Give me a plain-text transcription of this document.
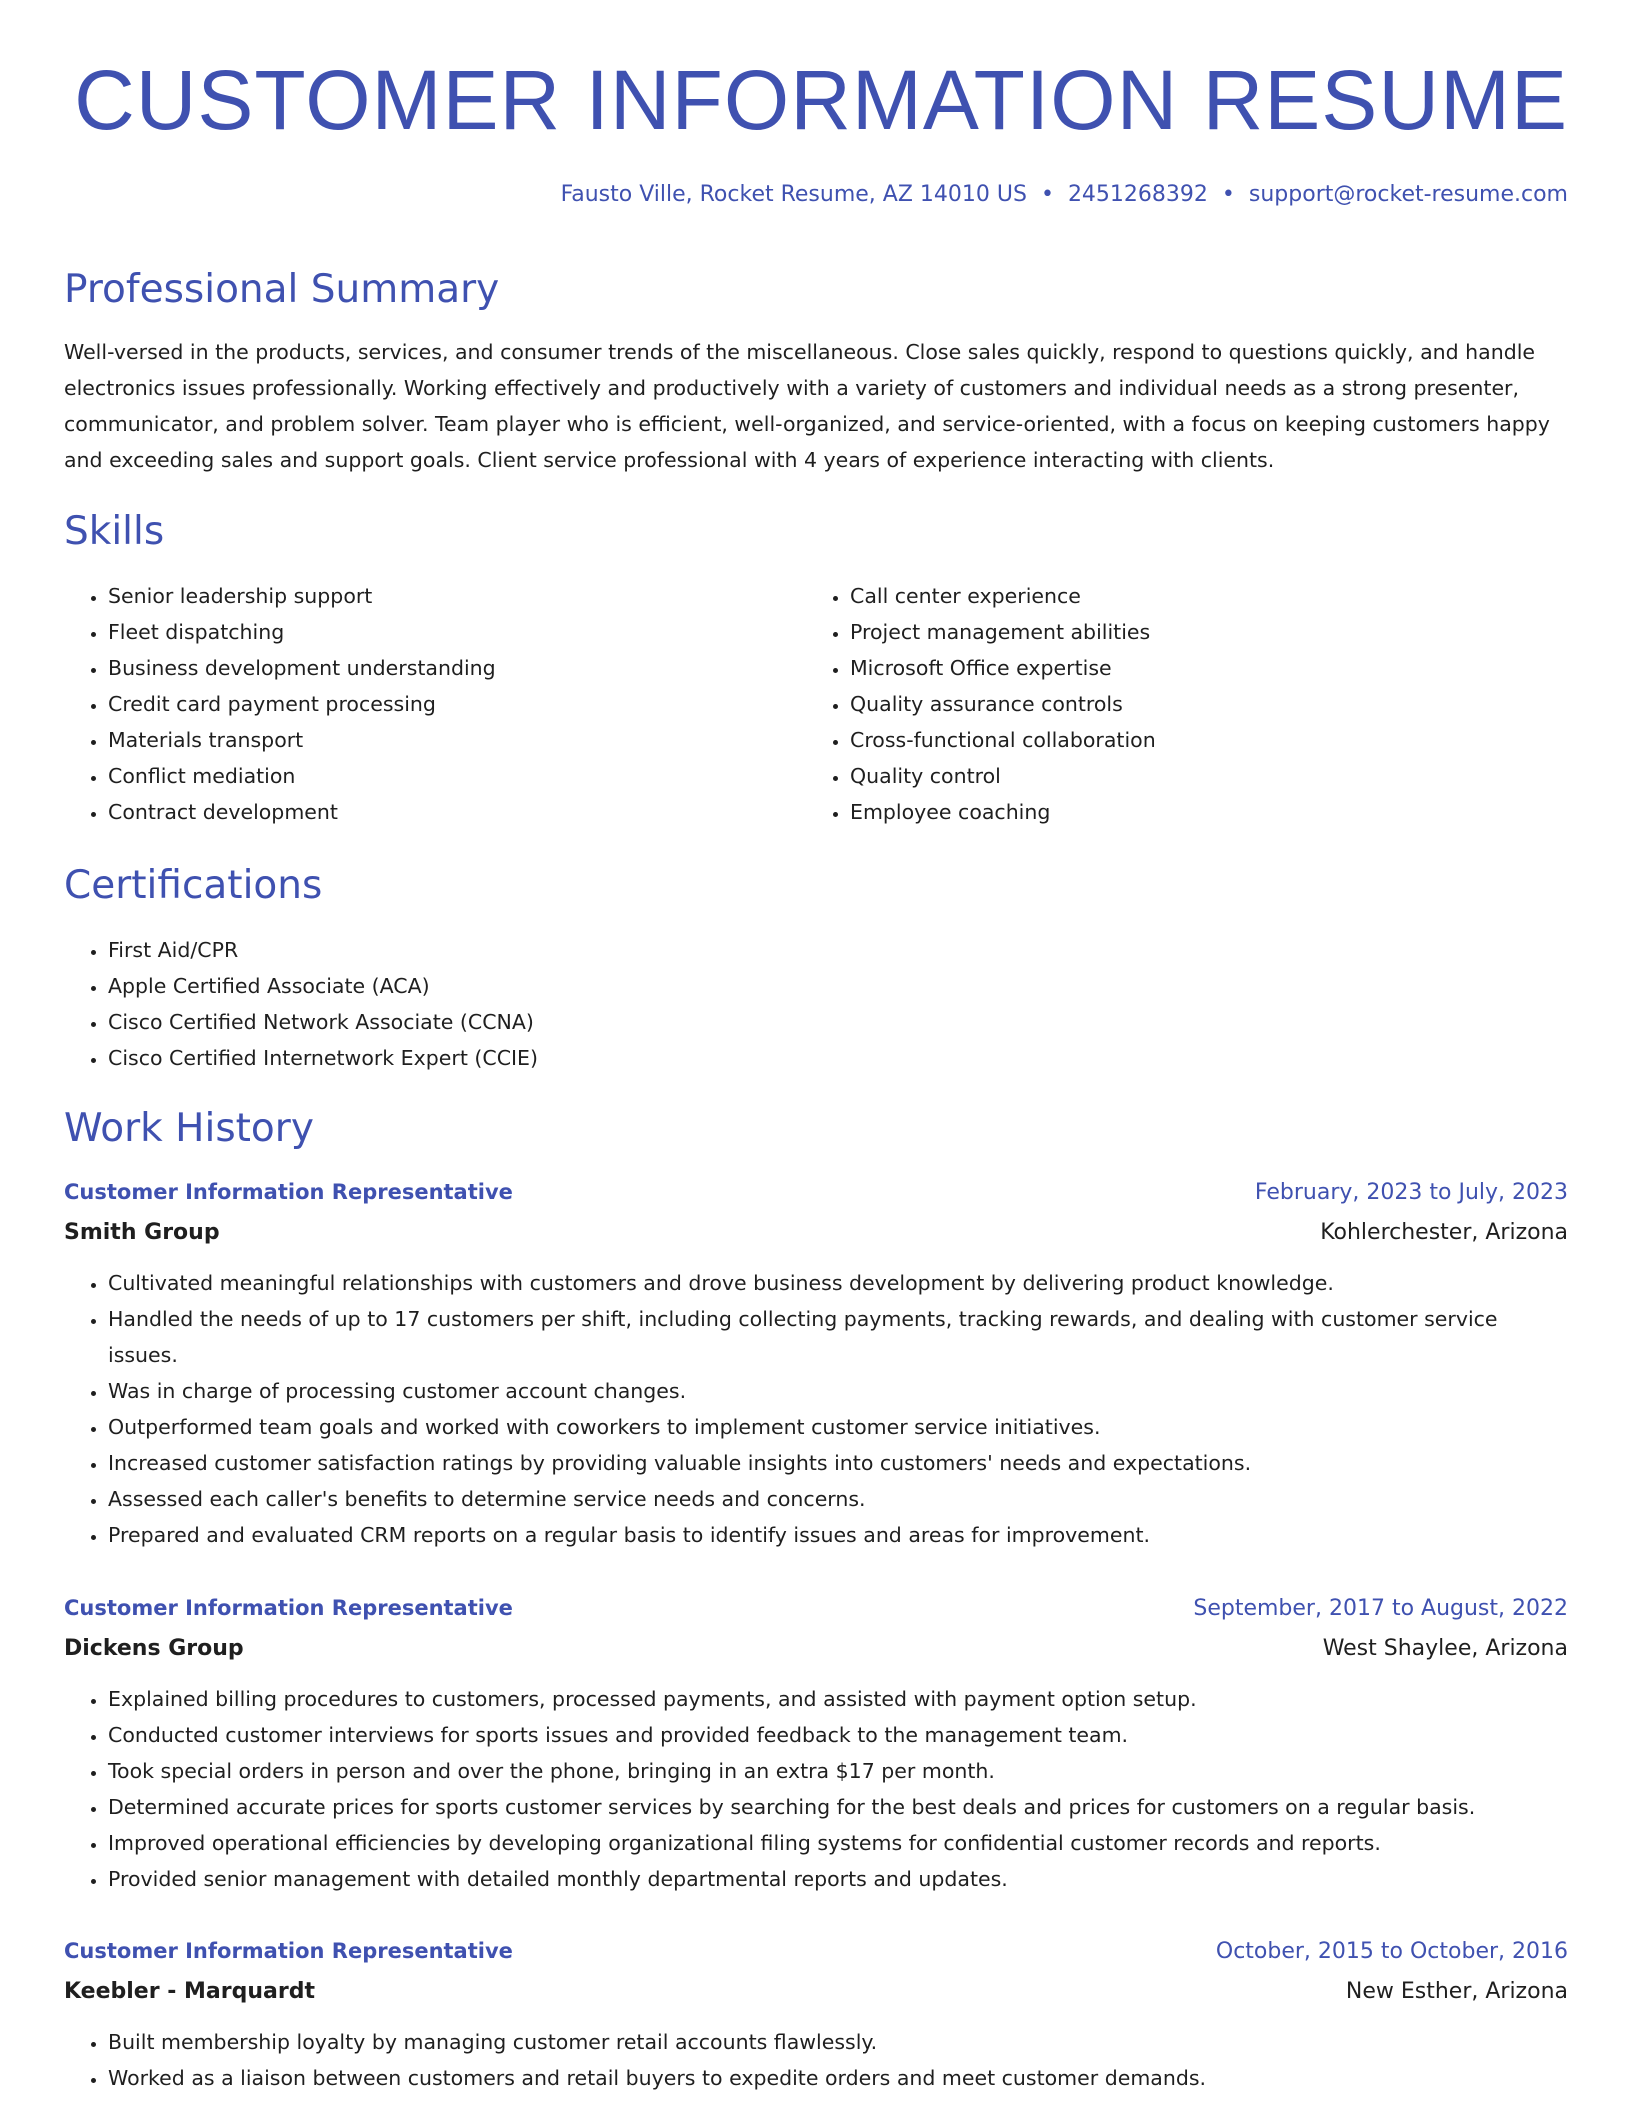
CUSTOMER INFORMATION RESUME
Fausto Ville, Rocket Resume, AZ 14010 US • 2451268392 • support@rocket-resume.com
Professional Summary

Well-versed in the products, services, and consumer trends of the miscellaneous. Close sales quickly, respond to questions quickly, and handle electronics issues professionally. Working effectively and productively with a variety of customers and individual needs as a strong presenter, communicator, and problem solver. Team player who is efficient, well-organized, and service-oriented, with a focus on keeping customers happy and exceeding sales and support goals. Client service professional with 4 years of experience interacting with clients.

Skills
• Senior leadership support
• Fleet dispatching
• Business development understanding
• Credit card payment processing
• Materials transport
• Conflict mediation
• Contract development
• Call center experience
• Project management abilities
• Microsoft Office expertise
• Quality assurance controls
• Cross-functional collaboration
• Quality control
• Employee coaching
Certifications
• First Aid/CPR
• Apple Certified Associate (ACA)
• Cisco Certified Network Associate (CCNA)
• Cisco Certified Internetwork Expert (CCIE)
Work History
Customer Information Representative	February, 2023 to July, 2023
Smith Group	Kohlerchester, Arizona
• Cultivated meaningful relationships with customers and drove business development by delivering product knowledge.
• Handled the needs of up to 17 customers per shift, including collecting payments, tracking rewards, and dealing with customer service issues.
• Was in charge of processing customer account changes.
• Outperformed team goals and worked with coworkers to implement customer service initiatives.
• Increased customer satisfaction ratings by providing valuable insights into customers' needs and expectations.
• Assessed each caller's benefits to determine service needs and concerns.
• Prepared and evaluated CRM reports on a regular basis to identify issues and areas for improvement.
Customer Information Representative	September, 2017 to August, 2022
Dickens Group	West Shaylee, Arizona
• Explained billing procedures to customers, processed payments, and assisted with payment option setup.
• Conducted customer interviews for sports issues and provided feedback to the management team.
• Took special orders in person and over the phone, bringing in an extra $17 per month.
• Determined accurate prices for sports customer services by searching for the best deals and prices for customers on a regular basis.
• Improved operational efficiencies by developing organizational filing systems for confidential customer records and reports.
• Provided senior management with detailed monthly departmental reports and updates.
Customer Information Representative	October, 2015 to October, 2016
Keebler - Marquardt	New Esther, Arizona
• Built membership loyalty by managing customer retail accounts flawlessly.
• Worked as a liaison between customers and retail buyers to expedite orders and meet customer demands.
